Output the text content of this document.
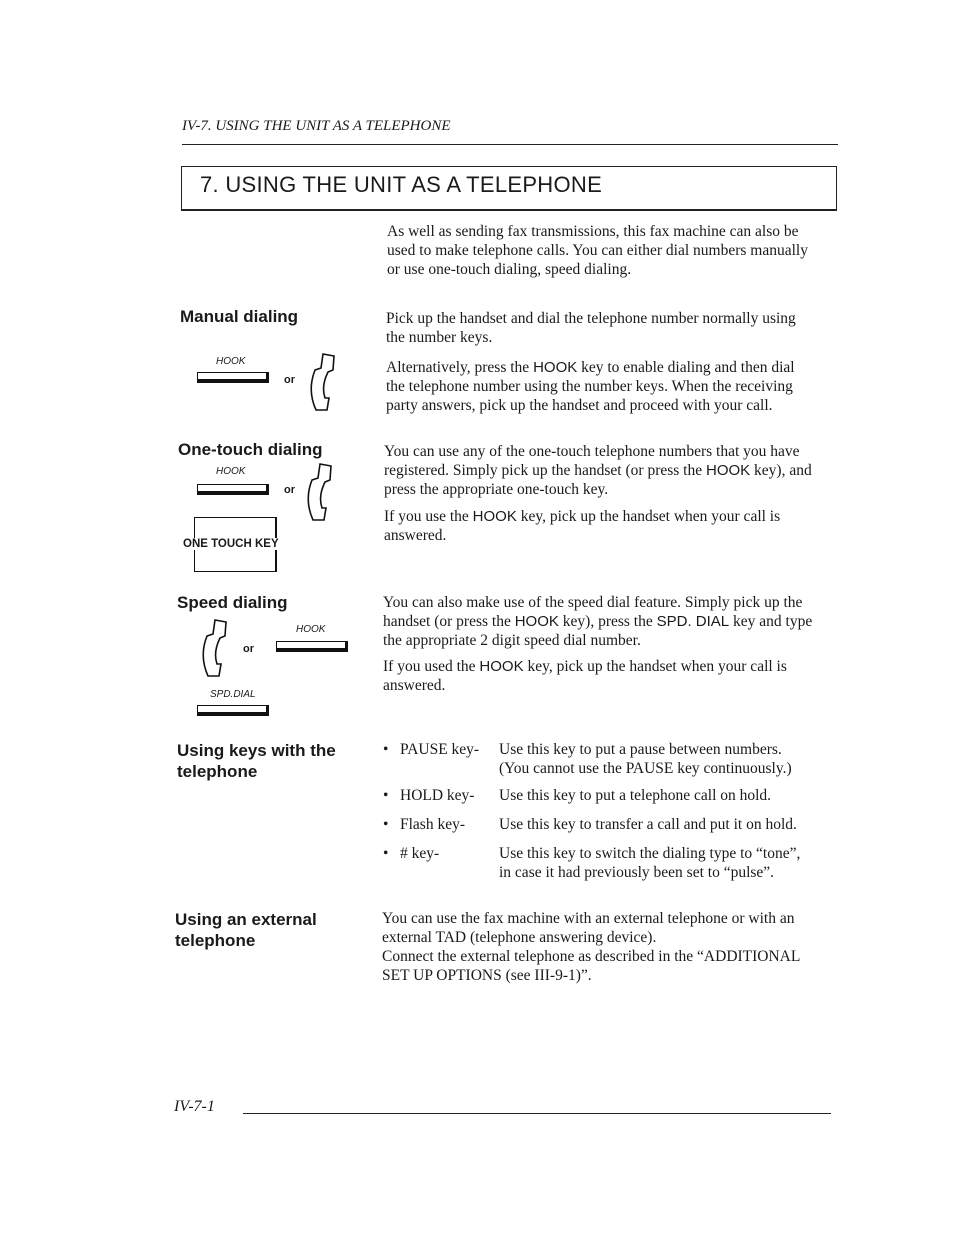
IV-7. USING THE UNIT AS A TELEPHONE
7. USING THE UNIT AS A TELEPHONE
As well as sending fax transmissions, this fax machine can also be
used to make telephone calls. You can either dial numbers manually
or use one-touch dialing, speed dialing.
Manual dialing
HOOK
or
Pick up the handset and dial the telephone number normally using
the number keys.
Alternatively, press the HOOK key to enable dialing and then dial
the telephone number using the number keys. When the receiving
party answers, pick up the handset and proceed with your call.
One-touch dialing
HOOK
or
ONE TOUCH KEY
You can use any of the one-touch telephone numbers that you have
registered. Simply pick up the handset (or press the HOOK key), and
press the appropriate one-touch key.
If you use the HOOK key, pick up the handset when your call is
answered.
Speed dialing
or
HOOK
SPD.DIAL
You can also make use of the speed dial feature. Simply pick up the
handset (or press the HOOK key), press the SPD. DIAL key and type
the appropriate 2 digit speed dial number.
If you used the HOOK key, pick up the handset when your call is
answered.
Using keys with the
telephone
• PAUSE key- Use this key to put a pause between numbers.
(You cannot use the PAUSE key continuously.)
• HOLD key- Use this key to put a telephone call on hold.
• Flash key- Use this key to transfer a call and put it on hold.
• # key-	Use this key to switch the dialing type to “tone”,
in case it had previously been set to “pulse”.
Using an external
telephone
You can use the fax machine with an external telephone or with an
external TAD (telephone answering device).
Connect the external telephone as described in the “ADDITIONAL
SET UP OPTIONS (see III-9-1)”.
IV-7-1
